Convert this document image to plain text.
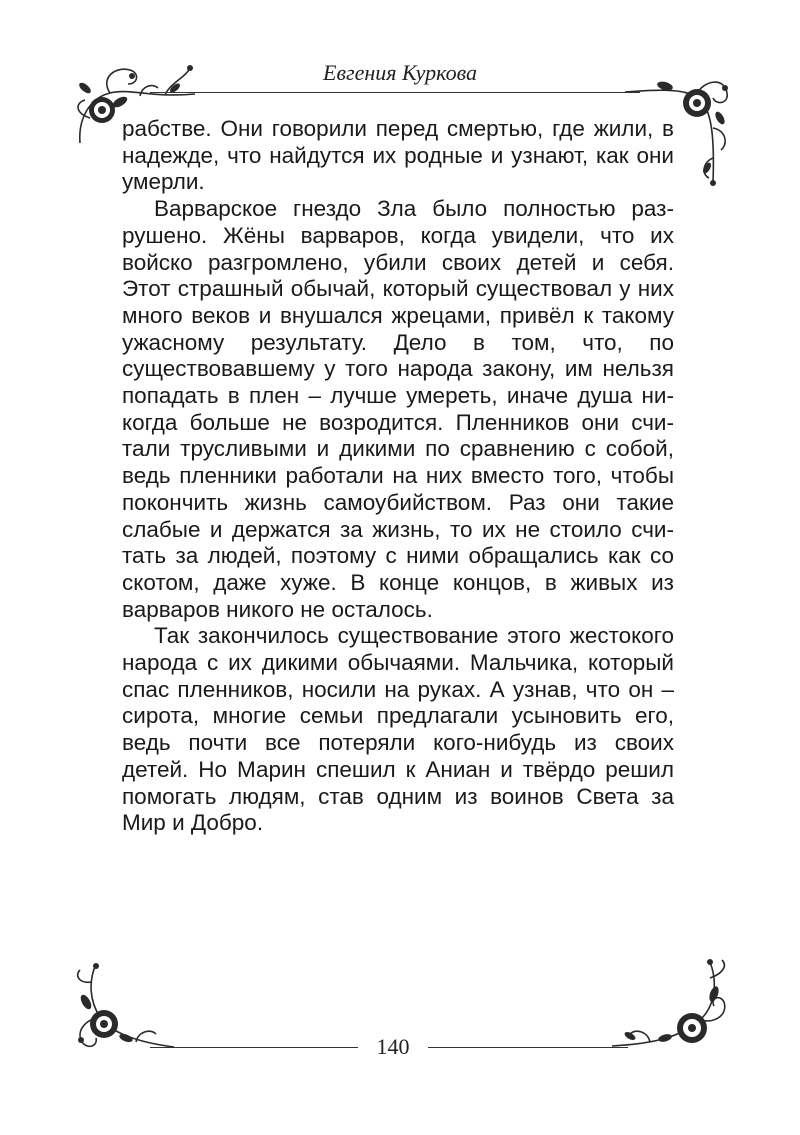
Евгения Куркова

рабстве. Они говорили перед смертью, где жили, в надежде, что найдутся их родные и узнают, как они умерли.

Варварское гнездо Зла было полностью разрушено. Жёны варваров, когда увидели, что их войско разгромлено, убили своих детей и себя. Этот страшный обычай, который существовал у них много веков и внушался жрецами, привёл к такому ужасному результату. Дело в том, что, по существовавшему у того народа закону, им нельзя попадать в плен – лучше умереть, иначе душа никогда больше не возродится. Пленников они считали трусливыми и дикими по сравнению с собой, ведь пленники работали на них вместо того, чтобы покончить жизнь самоубийством. Раз они такие слабые и держатся за жизнь, то их не стоило считать за людей, поэтому с ними обращались как со скотом, даже хуже. В конце концов, в живых из варваров никого не осталось.

Так закончилось существование этого жестокого народа с их дикими обычаями. Мальчика, который спас пленников, носили на руках. А узнав, что он – сирота, многие семьи предлагали усыновить его, ведь почти все потеряли кого-нибудь из своих детей. Но Марин спешил к Аниан и твёрдо решил помогать людям, став одним из воинов Света за Мир и Добро.

140
